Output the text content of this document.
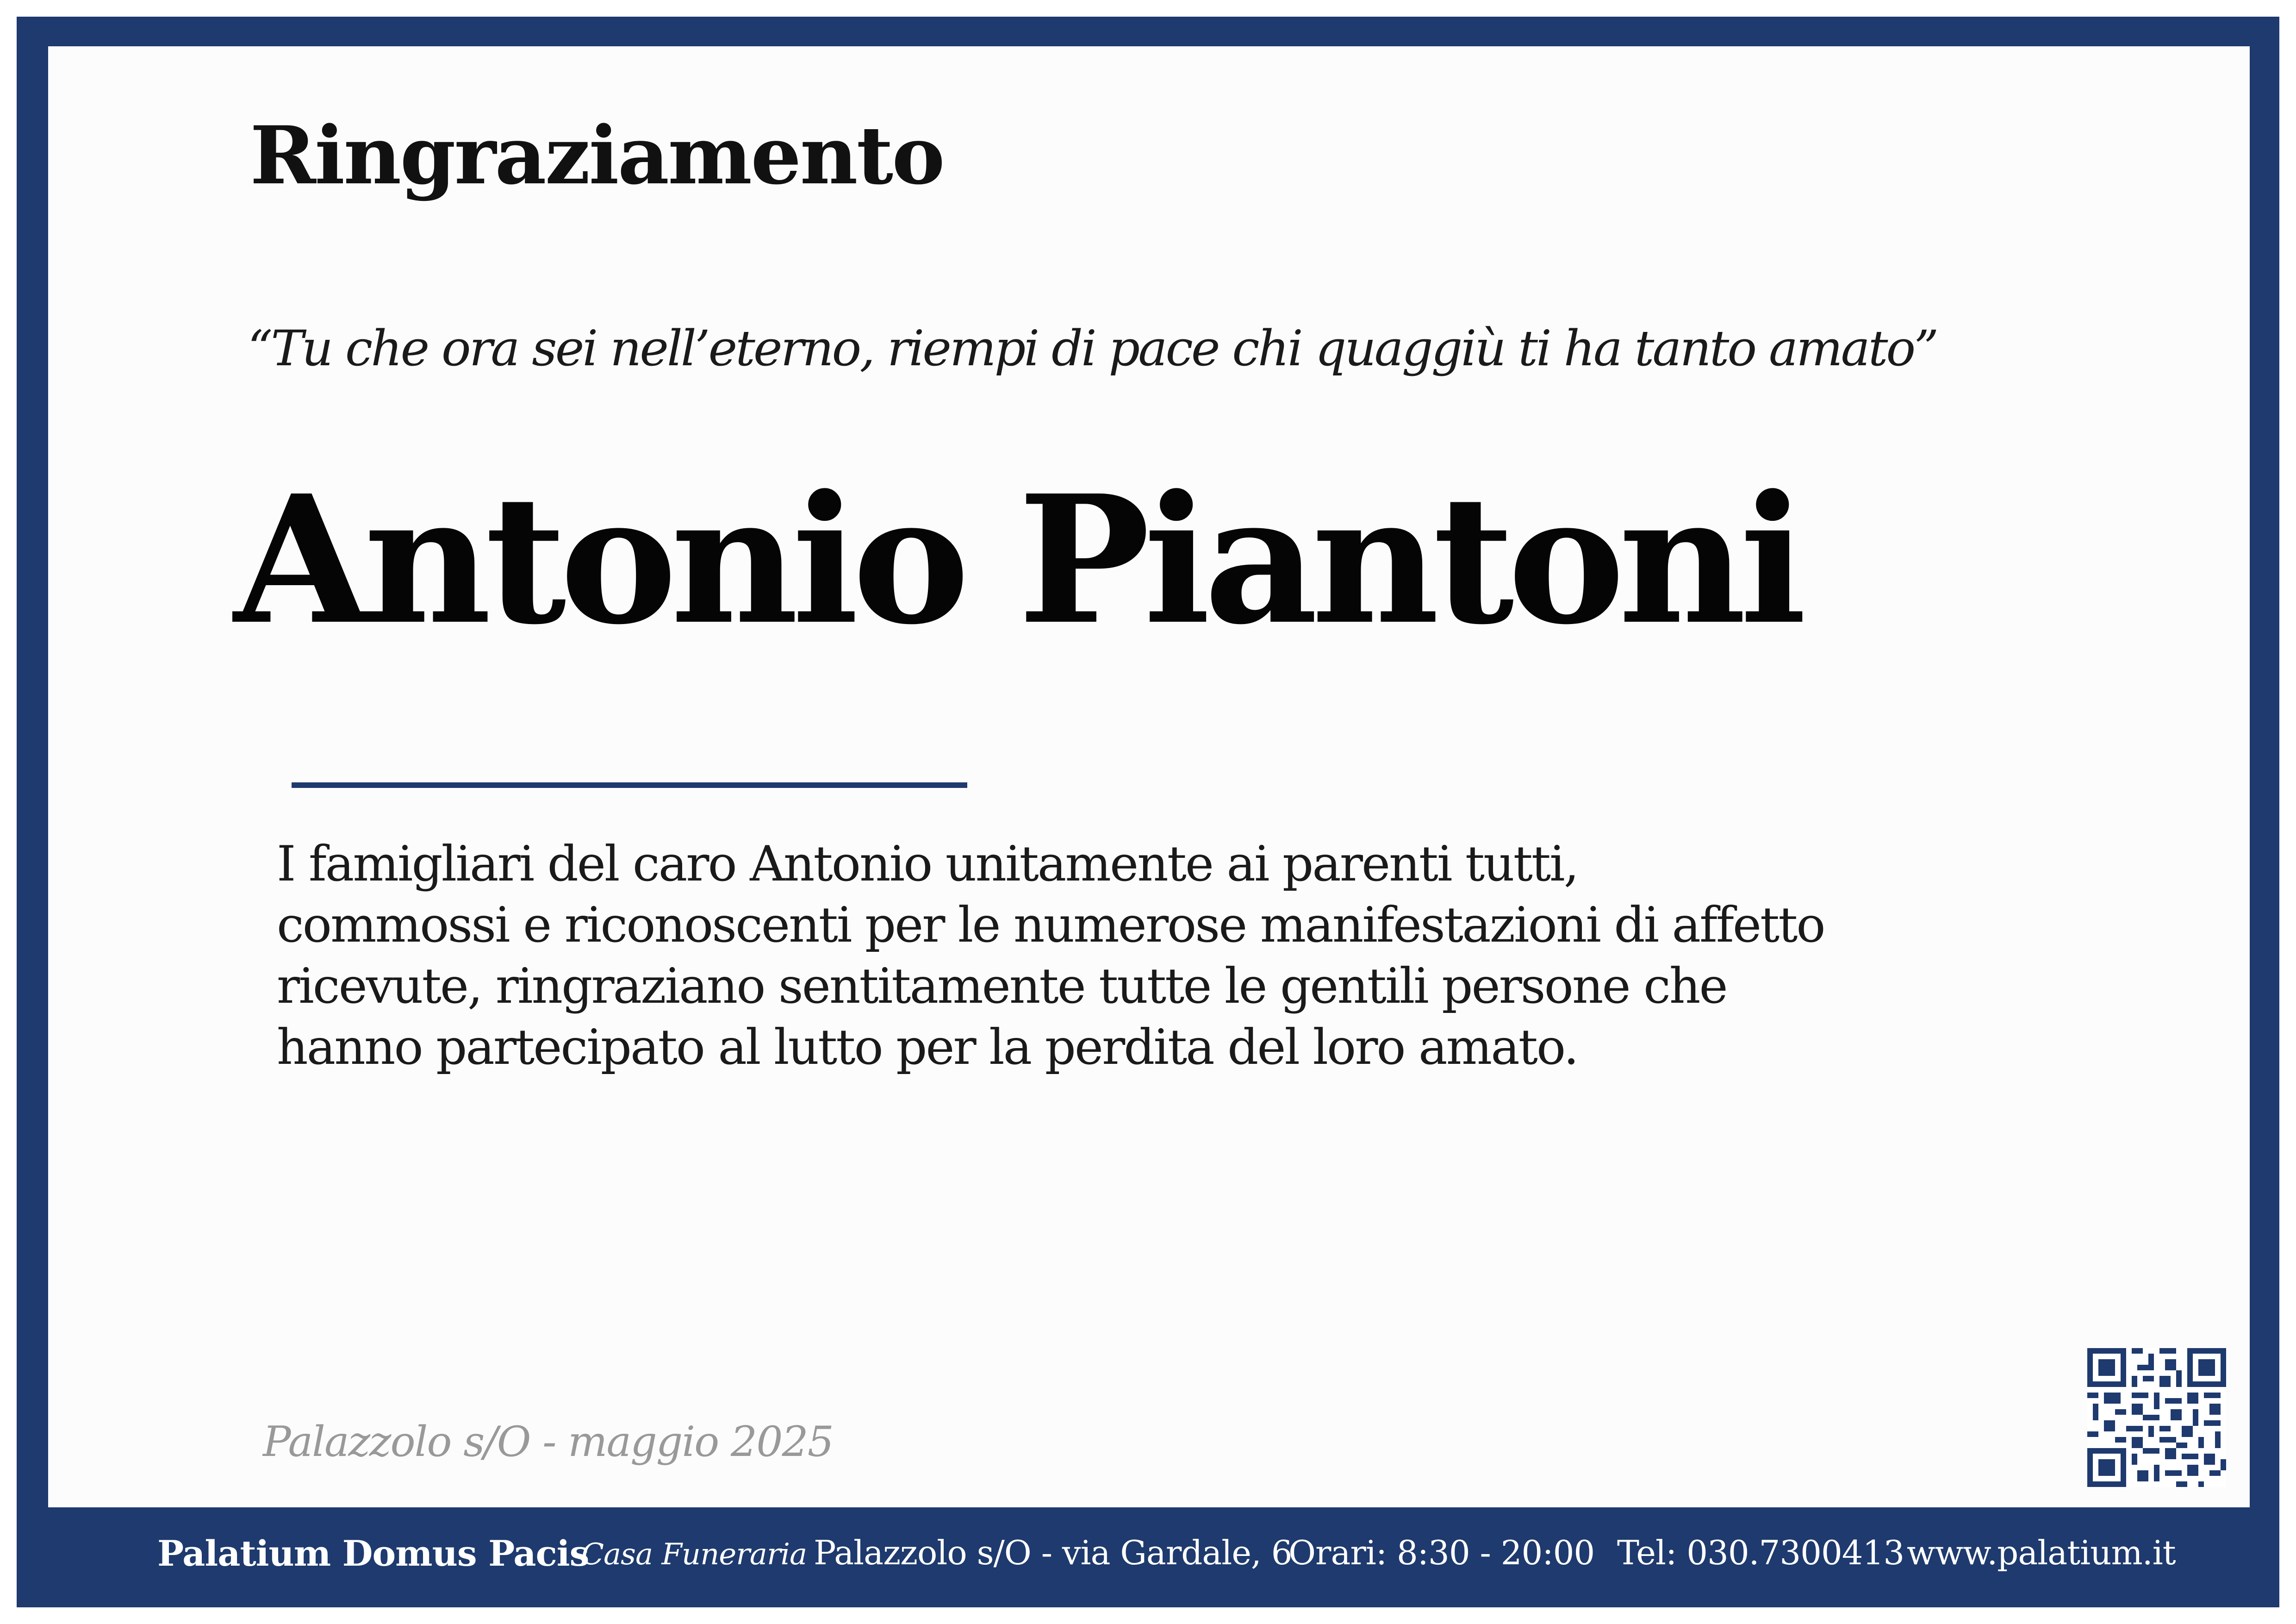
Ringraziamento
“Tu che ora sei nell’eterno, riempi di pace chi quaggiù ti ha tanto amato”
Antonio Piantoni
I famigliari del caro Antonio unitamente ai parenti tutti,
commossi e riconoscenti per le numerose manifestazioni di affetto
ricevute, ringraziano sentitamente tutte le gentili persone che
hanno partecipato al lutto per la perdita del loro amato.
Palazzolo s/O - maggio 2025
Palatium Domus Pacis
Casa Funeraria Palazzolo s/O - via Gardale, 6
Orari: 8:30 - 20:00 Tel: 030.7300413 www.palatium.it
